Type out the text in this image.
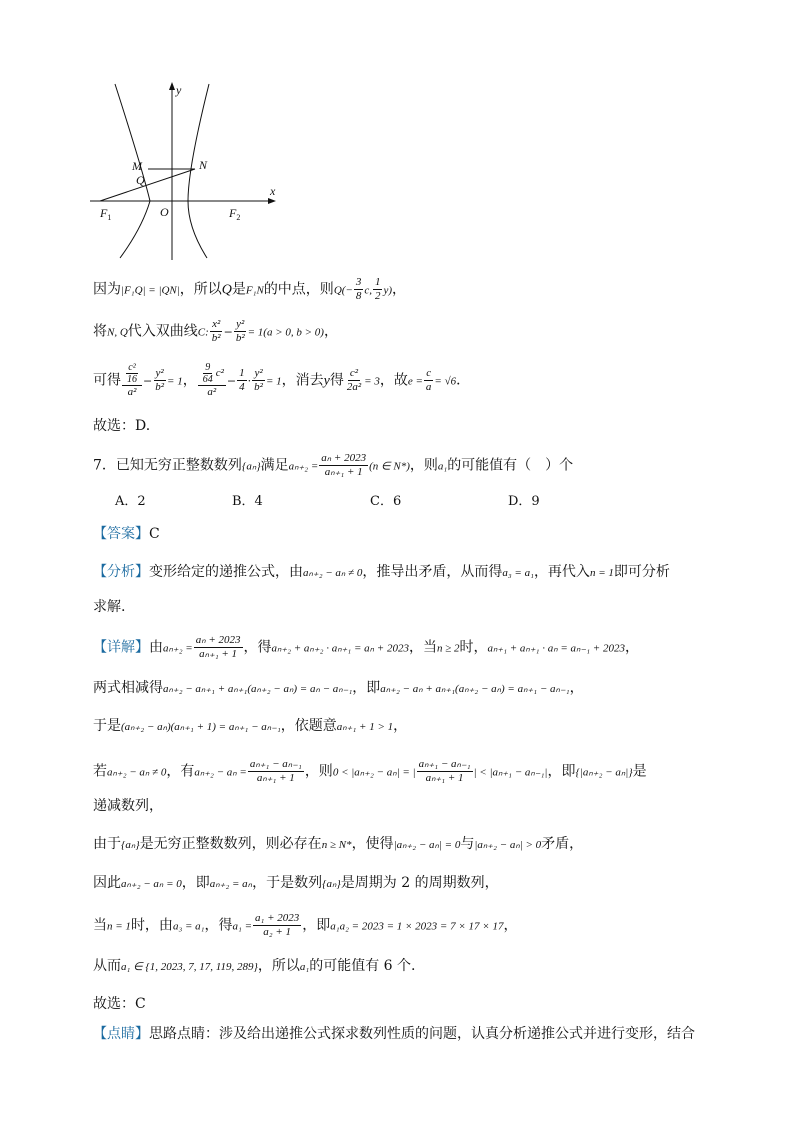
y
x
M	N
Q
O
$F_1$	$F_2$
因为|F₁Q| = |QN|，所以Q是F₁N的中点，则$Q(- \frac{3}{8} c$, $\frac{1}{2} y$)，
将N, Q代入双曲线C: $\frac{\text{x²}}{\text{b²}} - \frac{\text{y²}}{\text{b²}} = 1(a > 0$, b > 0)，
可得 $\frac{\frac{\text{c²}}{16}}{\text{a²}} - \frac{\text{y²}}{\text{b²}} = 1$， $\frac{\frac{9}{64} c^2}{\text{a²}} - \frac{1}{4} \cdot \frac{\text{y²}}{\text{b²}} = 1$，消去y得 $\frac{\text{c²}}{\text{2a²}} = 3$，故$e = \frac{c}{a} = √6$．
故选：D.
7．已知无穷正整数数列{aₙ}满足$a_{n+2} = \frac{\text{aₙ + 2023}}{\text{aₙ₊₁ + 1}} (n$ ∈ N*)，则a₁的可能值有（　）个
A．2	B．4	C．6	D．9
【答案】C
【分析】变形给定的递推公式，由aₙ₊₂ − aₙ ≠ 0，推导出矛盾，从而得a₃ = a₁，再代入n = 1即可分析
求解.
【详解】由$a_{n+2} = \frac{\text{aₙ + 2023}}{\text{aₙ₊₁ + 1}}$ ，得aₙ₊₂ + aₙ₊₂ · aₙ₊₁ = aₙ + 2023，当n ≥ 2时，aₙ₊₁ + aₙ₊₁ · aₙ = aₙ₋₁ + 2023，
两式相减得aₙ₊₂ − aₙ₊₁ + aₙ₊₁(aₙ₊₂ − aₙ) = aₙ − aₙ₋₁，即aₙ₊₂ − aₙ + aₙ₊₁(aₙ₊₂ − aₙ) = aₙ₊₁ − aₙ₋₁，
于是(aₙ₊₂ − aₙ)(aₙ₊₁ + 1) = aₙ₊₁ − aₙ₋₁，依题意aₙ₊₁ + 1 > 1，
若aₙ₊₂ − aₙ ≠ 0，有$a_{n+2} - a_n = \frac{\text{aₙ₊₁ − aₙ₋₁}}{\text{aₙ₊₁ + 1}}$ ，则0 < |aₙ₊₂ − aₙ| = | $\frac{\text{aₙ₊₁ − aₙ₋₁}}{\text{aₙ₊₁ + 1}}$ | < |aₙ₊₁ − aₙ₋₁|，即{|aₙ₊₂ − aₙ|}是
递减数列，
由于{aₙ}是无穷正整数数列，则必存在n ≥ N*，使得|aₙ₊₂ − aₙ| = 0与|aₙ₊₂ − aₙ| > 0矛盾，
因此aₙ₊₂ − aₙ = 0，即aₙ₊₂ = aₙ，于是数列{aₙ}是周期为 2 的周期数列，
当n = 1时，由a₃ = a₁，得$a_1 = \frac{\text{a₁ + 2023}}{\text{a₂ + 1}}$ ，即a₁a₂ = 2023 = 1 × 2023 = 7 × 17 × 17，
从而a₁ ∈ {1, 2023, 7, 17, 119, 289}，所以a₁的可能值有 6 个.
故选：C
【点睛】思路点睛：涉及给出递推公式探求数列性质的问题，认真分析递推公式并进行变形，结合
